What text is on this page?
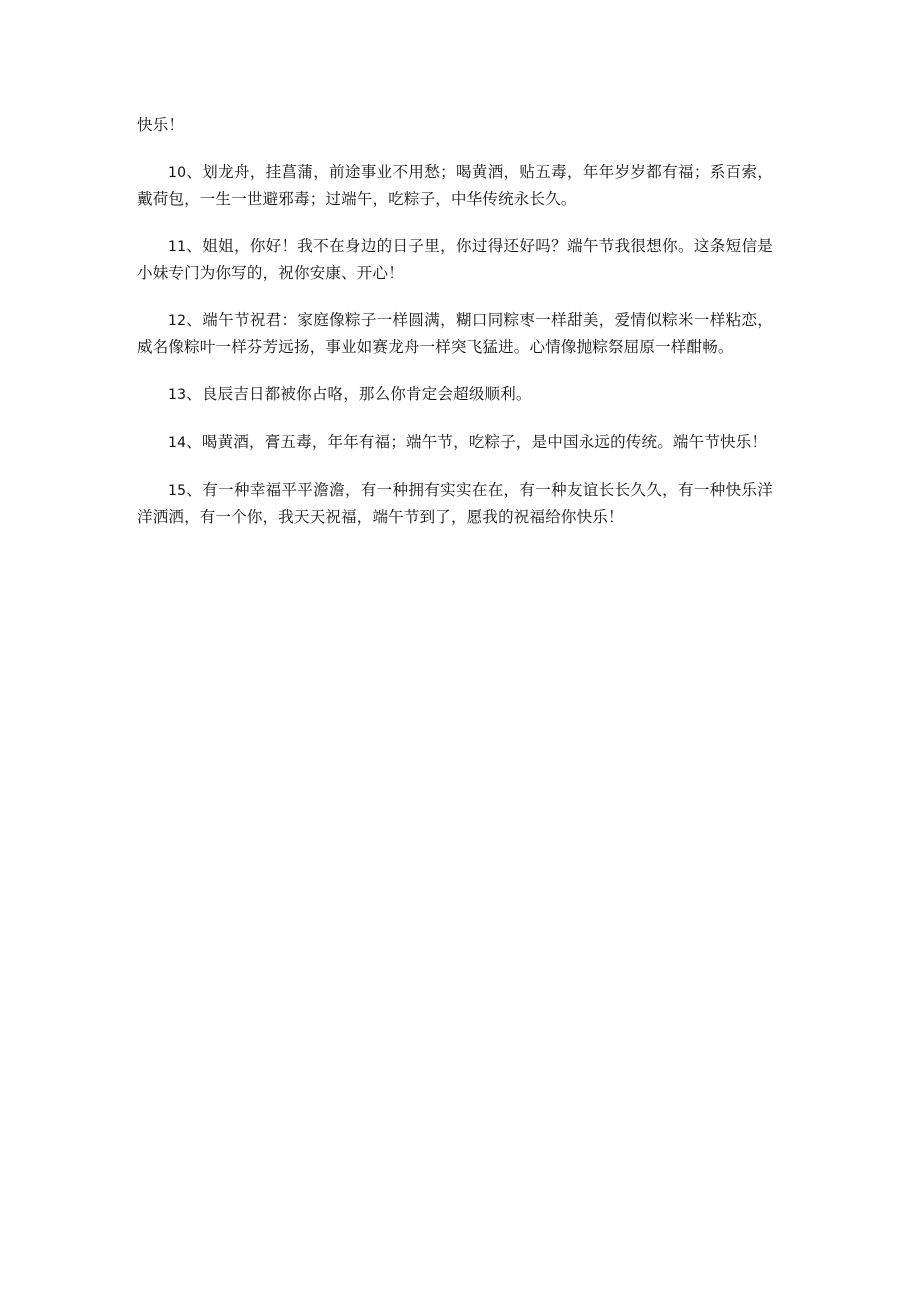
快乐！

10、划龙舟，挂菖蒲，前途事业不用愁；喝黄酒，贴五毒，年年岁岁都有福；系百索，戴荷包，一生一世避邪毒；过端午，吃粽子，中华传统永长久。

11、姐姐，你好！我不在身边的日子里，你过得还好吗？端午节我很想你。这条短信是小妹专门为你写的，祝你安康、开心！

12、端午节祝君：家庭像粽子一样圆满，糊口同粽枣一样甜美，爱情似粽米一样粘恋，威名像粽叶一样芬芳远扬，事业如赛龙舟一样突飞猛进。心情像抛粽祭屈原一样酣畅。

13、良辰吉日都被你占咯，那么你肯定会超级顺利。

14、喝黄酒，膏五毒，年年有福；端午节，吃粽子，是中国永远的传统。端午节快乐！

15、有一种幸福平平澹澹，有一种拥有实实在在，有一种友谊长长久久，有一种快乐洋洋洒洒，有一个你，我天天祝福，端午节到了，愿我的祝福给你快乐！
